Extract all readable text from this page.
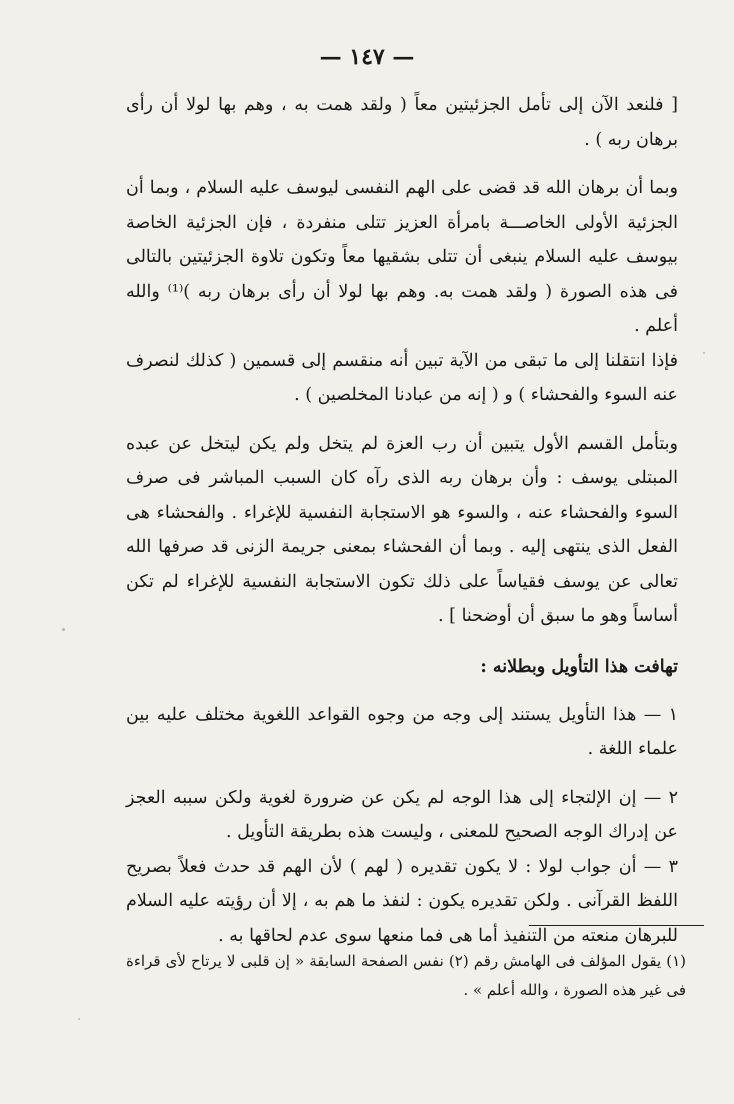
— ١٤٧ —

[ فلنعد الآن إلى تأمل الجزئيتين معاً ( ولقد همت به ، وهم بها لولا أن رأى برهان ربه ) .

وبما أن برهان الله قد قضى على الهم النفسى ليوسف عليه السلام ، وبما أن الجزئية الأولى الخاصـــة بامرأة العزيز تتلى منفردة ، فإن الجزئية الخاصة بيوسف عليه السلام ينبغى أن تتلى بشقيها معاً وتكون تلاوة الجزئيتين بالتالى فى هذه الصورة ( ولقد همت به. وهم بها لولا أن رأى برهان ربه )⁽¹⁾ والله أعلم .

فإذا انتقلنا إلى ما تبقى من الآية تبين أنه منقسم إلى قسمين ( كذلك لنصرف عنه السوء والفحشاء ) و ( إنه من عبادنا المخلصين ) .

وبتأمل القسم الأول يتبين أن رب العزة لم يتخل ولم يكن ليتخل عن عبده المبتلى يوسف : وأن برهان ربه الذى رآه كان السبب المباشر فى صرف السوء والفحشاء عنه ، والسوء هو الاستجابة النفسية للإغراء . والفحشاء هى الفعل الذى ينتهى إليه . وبما أن الفحشاء بمعنى جريمة الزنى قد صرفها الله تعالى عن يوسف فقياساً على ذلك تكون الاستجابة النفسية للإغراء لم تكن أساساً وهو ما سبق أن أوضحنا ] .

تهافت هذا التأويل وبطلانه :

١ — هذا التأويل يستند إلى وجه من وجوه القواعد اللغوية مختلف عليه بين علماء اللغة .

٢ — إن الإلتجاء إلى هذا الوجه لم يكن عن ضرورة لغوية ولكن سببه العجز عن إدراك الوجه الصحيح للمعنى ، وليست هذه بطريقة التأويل .

٣ — أن جواب لولا : لا يكون تقديره ( لهم ) لأن الهم قد حدث فعلاً بصريح اللفظ القرآنى . ولكن تقديره يكون : لنفذ ما هم به ، إلا أن رؤيته عليه السلام للبرهان منعته من التنفيذ أما هى فما منعها سوى عدم لحاقها به .

(١) يقول المؤلف فى الهامش رقم (٢) نفس الصفحة السابقة « إن قلبى لا يرتاح لأى قراءة فى غير هذه الصورة ، والله أعلم » .
